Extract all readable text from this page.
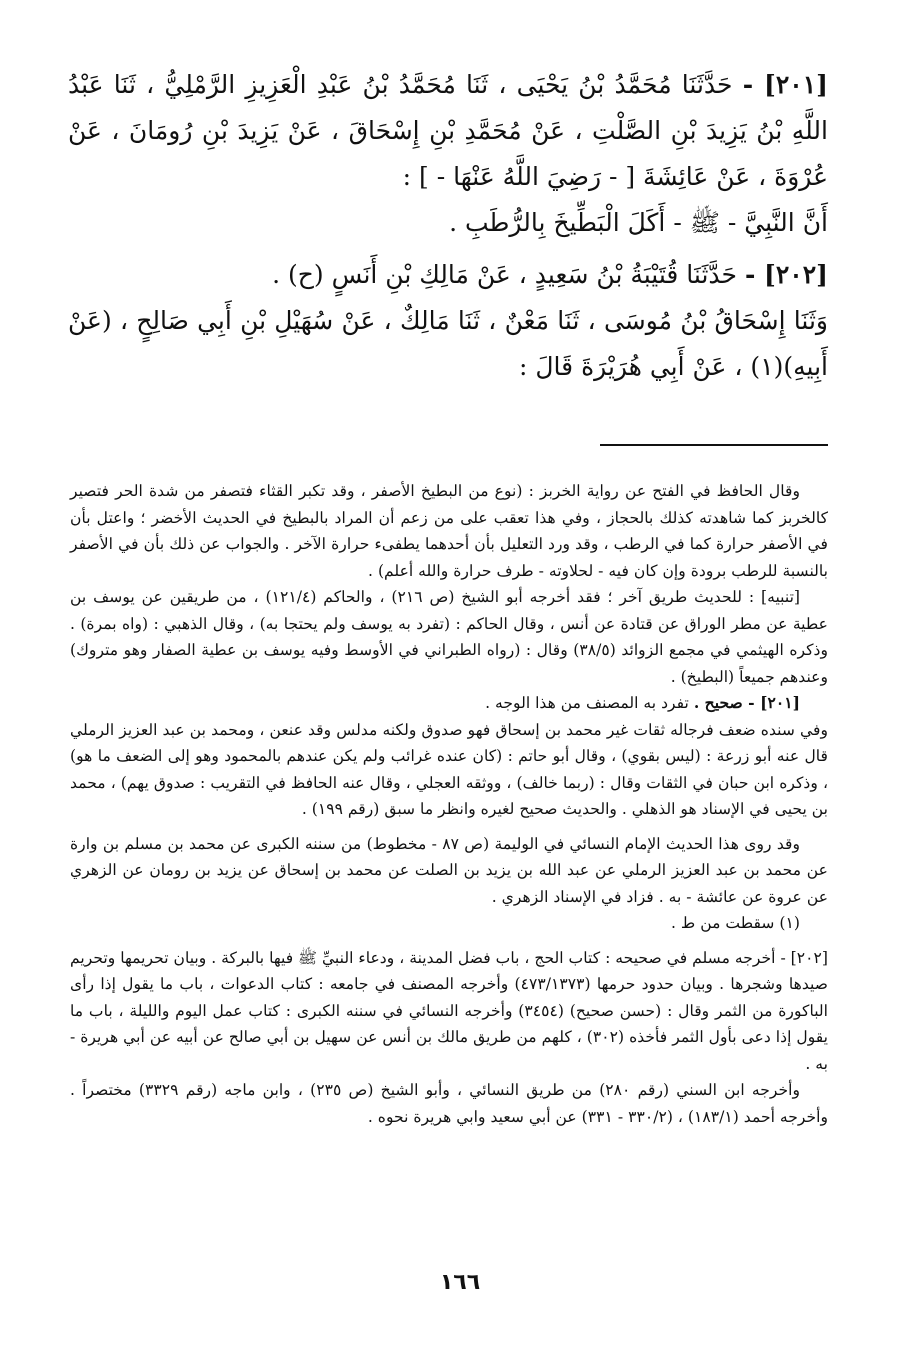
[٢٠١] - حَدَّثَنَا مُحَمَّدُ بْنُ يَحْيَى ، ثَنَا مُحَمَّدُ بْنُ عَبْدِ الْعَزِيزِ الرَّمْلِيُّ ، ثَنَا عَبْدُ اللَّهِ بْنُ يَزِيدَ بْنِ الصَّلْتِ ، عَنْ مُحَمَّدِ بْنِ إِسْحَاقَ ، عَنْ يَزِيدَ بْنِ رُومَانَ ، عَنْ عُرْوَةَ ، عَنْ عَائِشَةَ [ - رَضِيَ اللَّهُ عَنْهَا - ] :

أَنَّ النَّبِيَّ - ﷺ - أَكَلَ الْبَطِّيخَ بِالرُّطَبِ .

[٢٠٢] - حَدَّثَنَا قُتَيْبَةُ بْنُ سَعِيدٍ ، عَنْ مَالِكِ بْنِ أَنَسٍ (ح) .

وَثَنَا إِسْحَاقُ بْنُ مُوسَى ، ثَنَا مَعْنٌ ، ثَنَا مَالِكٌ ، عَنْ سُهَيْلِ بْنِ أَبِي صَالِحٍ ، (عَنْ أَبِيهِ)(١) ، عَنْ أَبِي هُرَيْرَةَ قَالَ :

وقال الحافظ في الفتح عن رواية الخربز : (نوع من البطيخ الأصفر ، وقد تكبر القثاء فتصفر من شدة الحر فتصير كالخربز كما شاهدته كذلك بالحجاز ، وفي هذا تعقب على من زعم أن المراد بالبطيخ في الحديث الأخضر ؛ واعتل بأن في الأصفر حرارة كما في الرطب ، وقد ورد التعليل بأن أحدهما يطفىء حرارة الآخر . والجواب عن ذلك بأن في الأصفر بالنسبة للرطب برودة وإن كان فيه - لحلاوته - طرف حرارة والله أعلم) .

[تنبيه] : للحديث طريق آخر ؛ فقد أخرجه أبو الشيخ (ص ٢١٦) ، والحاكم (١٢١/٤) ، من طريقين عن يوسف بن عطية عن مطر الوراق عن قتادة عن أنس ، وقال الحاكم : (تفرد به يوسف ولم يحتجا به) ، وقال الذهبي : (واه بمرة) . وذكره الهيثمي في مجمع الزوائد (٣٨/٥) وقال : (رواه الطبراني في الأوسط وفيه يوسف بن عطية الصفار وهو متروك) وعندهم جميعاً (البطيخ) .

[٢٠١] - صحيح . تفرد به المصنف من هذا الوجه .

وفي سنده ضعف فرجاله ثقات غير محمد بن إسحاق فهو صدوق ولكنه مدلس وقد عنعن ، ومحمد بن عبد العزيز الرملي قال عنه أبو زرعة : (ليس بقوي) ، وقال أبو حاتم : (كان عنده غرائب ولم يكن عندهم بالمحمود وهو إلى الضعف ما هو) ، وذكره ابن حبان في الثقات وقال : (ربما خالف) ، ووثقه العجلي ، وقال عنه الحافظ في التقريب : صدوق يهم) ، محمد بن يحيى في الإسناد هو الذهلي . والحديث صحيح لغيره وانظر ما سبق (رقم ١٩٩) .

وقد روى هذا الحديث الإمام النسائي في الوليمة (ص ٨٧ - مخطوط) من سننه الكبرى عن محمد بن مسلم بن وارة عن محمد بن عبد العزيز الرملي عن عبد الله بن يزيد بن الصلت عن محمد بن إسحاق عن يزيد بن رومان عن الزهري عن عروة عن عائشة - به . فزاد في الإسناد الزهري .

(١) سقطت من ط .

[٢٠٢] - أخرجه مسلم في صحيحه : كتاب الحج ، باب فضل المدينة ، ودعاء النبيِّ ﷺ فيها بالبركة . وبيان تحريمها وتحريم صيدها وشجرها . وبيان حدود حرمها (٤٧٣/١٣٧٣) وأخرجه المصنف في جامعه : كتاب الدعوات ، باب ما يقول إذا رأى الباكورة من الثمر وقال : (حسن صحيح) (٣٤٥٤) وأخرجه النسائي في سننه الكبرى : كتاب عمل اليوم والليلة ، باب ما يقول إذا دعى بأول الثمر فأخذه (٣٠٢) ، كلهم من طريق مالك بن أنس عن سهيل بن أبي صالح عن أبيه عن أبي هريرة - به .

وأخرجه ابن السني (رقم ٢٨٠) من طريق النسائي ، وأبو الشيخ (ص ٢٣٥) ، وابن ماجه (رقم ٣٣٢٩) مختصراً . وأخرجه أحمد (١٨٣/١) ، (٣٣٠/٢ - ٣٣١) عن أبي سعيد وابي هريرة نحوه .

١٦٦
